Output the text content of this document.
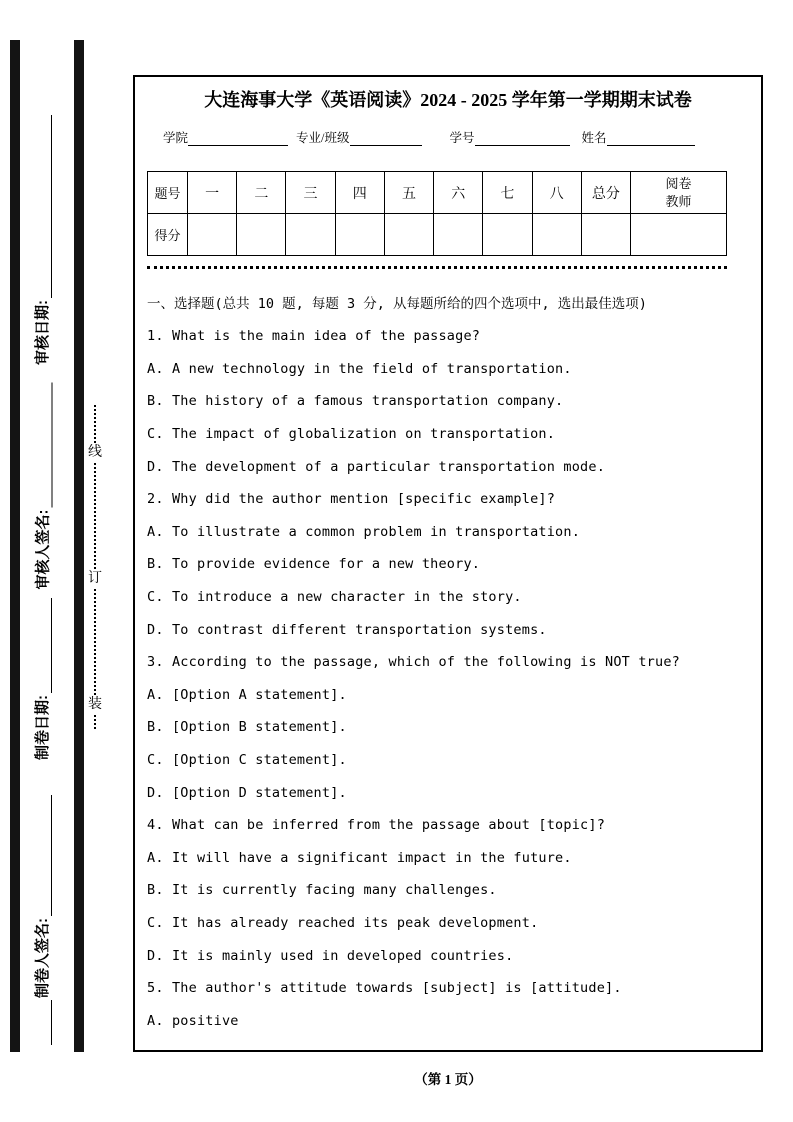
审核日期:
审核人签名:
制卷日期:
制卷人签名:
线
订
装
大连海事大学《英语阅读》2024 - 2025 学年第一学期期末试卷
学院	专业/班级	学号	姓名
题号	一	二	三	四	五	六	七	八	总分	阅卷
教师
得分										
一、选择题(总共 10 题, 每题 3 分, 从每题所给的四个选项中, 选出最佳选项)
1. What is the main idea of the passage?
A. A new technology in the field of transportation.
B. The history of a famous transportation company.
C. The impact of globalization on transportation.
D. The development of a particular transportation mode.
2. Why did the author mention [specific example]?
A. To illustrate a common problem in transportation.
B. To provide evidence for a new theory.
C. To introduce a new character in the story.
D. To contrast different transportation systems.
3. According to the passage, which of the following is NOT true?
A. [Option A statement].
B. [Option B statement].
C. [Option C statement].
D. [Option D statement].
4. What can be inferred from the passage about [topic]?
A. It will have a significant impact in the future.
B. It is currently facing many challenges.
C. It has already reached its peak development.
D. It is mainly used in developed countries.
5. The author's attitude towards [subject] is [attitude].
A. positive
（第 1 页）
